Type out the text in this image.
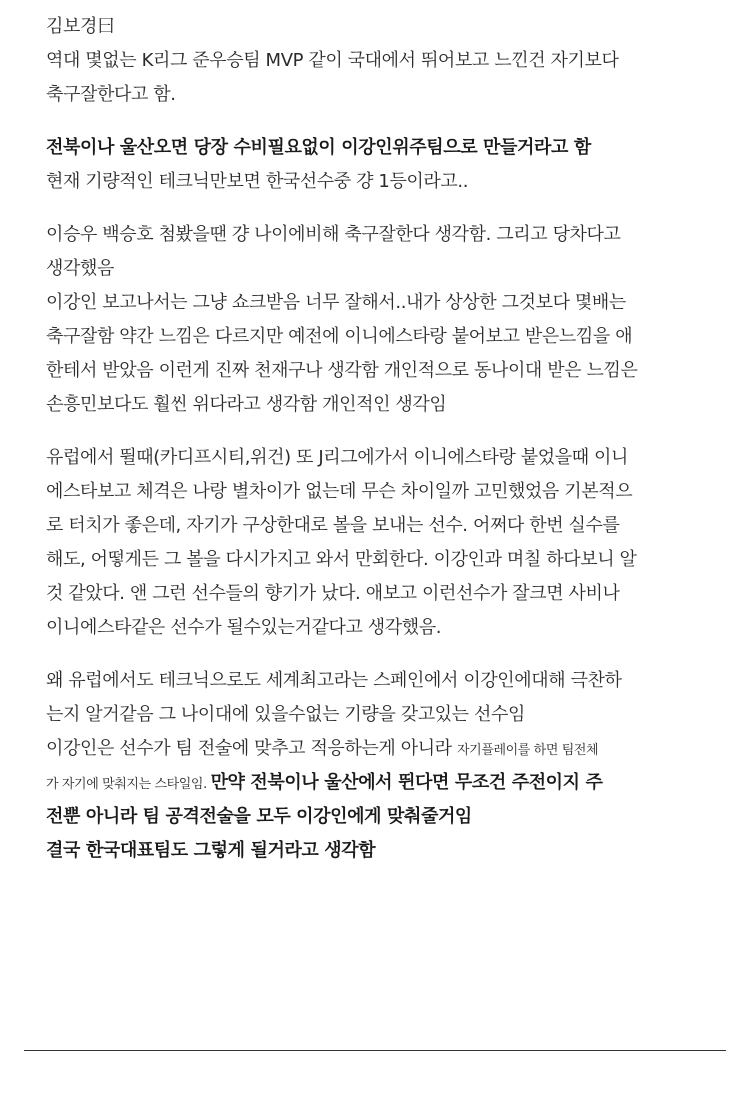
김보경曰
역대 몇없는 K리그 준우승팀 MVP 같이 국대에서 뛰어보고 느낀건 자기보다
축구잘한다고 함.
전북이나 울산오면 당장 수비필요없이 이강인위주팀으로 만들거라고 함
현재 기량적인 테크닉만보면 한국선수중 걍 1등이라고..
이승우 백승호 첨봤을땐 걍 나이에비해 축구잘한다 생각함. 그리고 당차다고
생각했음
이강인 보고나서는 그냥 쇼크받음 너무 잘해서..내가 상상한 그것보다 몇배는
축구잘함 약간 느낌은 다르지만 예전에 이니에스타랑 붙어보고 받은느낌을 애
한테서 받았음 이런게 진짜 천재구나 생각함 개인적으로 동나이대 받은 느낌은
손흥민보다도 훨씬 위다라고 생각함 개인적인 생각임
유럽에서 뛸때(카디프시티,위건) 또 J리그에가서 이니에스타랑 붙었을때 이니
에스타보고 체격은 나랑 별차이가 없는데 무슨 차이일까 고민했었음 기본적으
로 터치가 좋은데, 자기가 구상한대로 볼을 보내는 선수. 어쩌다 한번 실수를
해도, 어떻게든 그 볼을 다시가지고 와서 만회한다. 이강인과 며칠 하다보니 알
것 같았다. 앤 그런 선수들의 향기가 났다. 애보고 이런선수가 잘크면 사비나
이니에스타같은 선수가 될수있는거같다고 생각했음.
왜 유럽에서도 테크닉으로도 세계최고라는 스페인에서 이강인에대해 극찬하
는지 알거같음 그 나이대에 있을수없는 기량을 갖고있는 선수임
이강인은 선수가 팀 전술에 맞추고 적응하는게 아니라 자기플레이를 하면 팀전체
가 자기에 맞춰지는 스타일임. 만약 전북이나 울산에서 뛴다면 무조건 주전이지 주
전뿐 아니라 팀 공격전술을 모두 이강인에게 맞춰줄거임
결국 한국대표팀도 그렇게 될거라고 생각함
